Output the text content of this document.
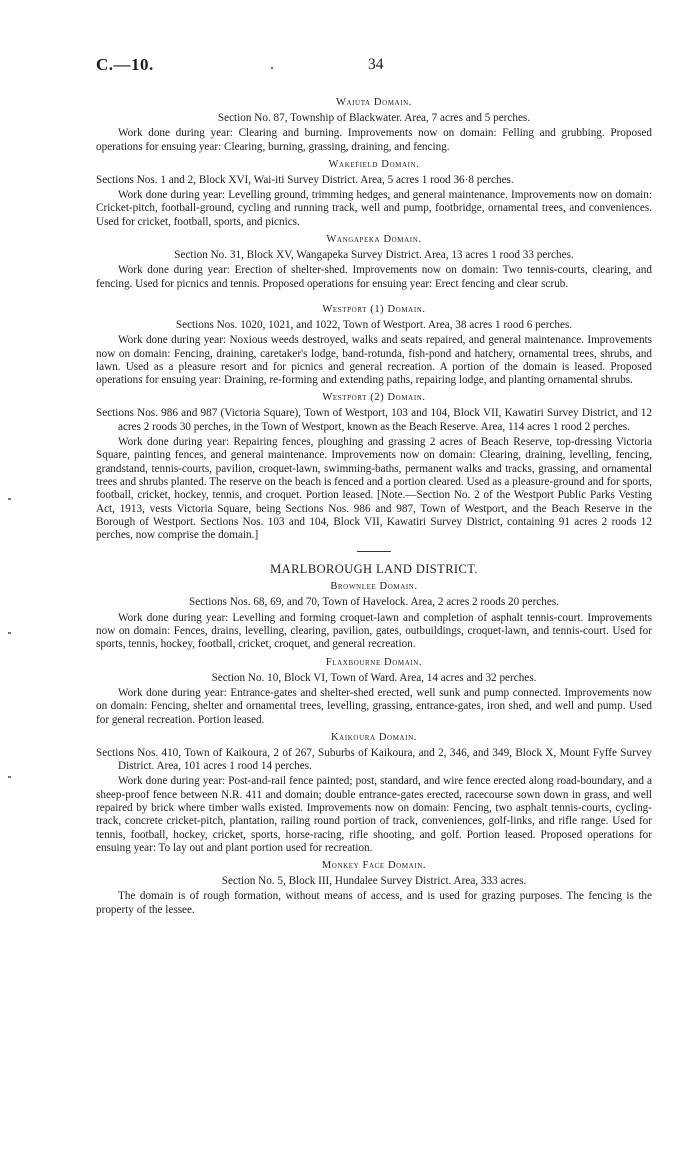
C.—10.	34
Waiuta Domain.

Section No. 87, Township of Blackwater. Area, 7 acres and 5 perches.

Work done during year: Clearing and burning. Improvements now on domain: Felling and grubbing. Proposed operations for ensuing year: Clearing, burning, grassing, draining, and fencing.

Wakefield Domain.

Sections Nos. 1 and 2, Block XVI, Wai-iti Survey District. Area, 5 acres 1 rood 36·8 perches.

Work done during year: Levelling ground, trimming hedges, and general maintenance. Improvements now on domain: Cricket-pitch, football-ground, cycling and running track, well and pump, footbridge, ornamental trees, and conveniences. Used for cricket, football, sports, and picnics.

Wangapeka Domain.

Section No. 31, Block XV, Wangapeka Survey District. Area, 13 acres 1 rood 33 perches.

Work done during year: Erection of shelter-shed. Improvements now on domain: Two tennis-courts, clearing, and fencing. Used for picnics and tennis. Proposed operations for ensuing year: Erect fencing and clear scrub.

Westport (1) Domain.

Sections Nos. 1020, 1021, and 1022, Town of Westport. Area, 38 acres 1 rood 6 perches.

Work done during year: Noxious weeds destroyed, walks and seats repaired, and general maintenance. Improvements now on domain: Fencing, draining, caretaker's lodge, band-rotunda, fish-pond and hatchery, ornamental trees, shrubs, and lawn. Used as a pleasure resort and for picnics and general recreation. A portion of the domain is leased. Proposed operations for ensuing year: Draining, re-forming and extending paths, repairing lodge, and planting ornamental shrubs.

Westport (2) Domain.

Sections Nos. 986 and 987 (Victoria Square), Town of Westport, 103 and 104, Block VII, Kawatiri Survey District, and 12 acres 2 roods 30 perches, in the Town of Westport, known as the Beach Reserve. Area, 114 acres 1 rood 2 perches.

Work done during year: Repairing fences, ploughing and grassing 2 acres of Beach Reserve, top-dressing Victoria Square, painting fences, and general maintenance. Improvements now on domain: Clearing, draining, levelling, fencing, grandstand, tennis-courts, pavilion, croquet-lawn, swimming-baths, permanent walks and tracks, grassing, and ornamental trees and shrubs planted. The reserve on the beach is fenced and a portion cleared. Used as a pleasure-ground and for sports, football, cricket, hockey, tennis, and croquet. Portion leased. [Note.—Section No. 2 of the Westport Public Parks Vesting Act, 1913, vests Victoria Square, being Sections Nos. 986 and 987, Town of Westport, and the Beach Reserve in the Borough of Westport. Sections Nos. 103 and 104, Block VII, Kawatiri Survey District, containing 91 acres 2 roods 12 perches, now comprise the domain.]

MARLBOROUGH LAND DISTRICT.
Brownlee Domain.

Sections Nos. 68, 69, and 70, Town of Havelock. Area, 2 acres 2 roods 20 perches.

Work done during year: Levelling and forming croquet-lawn and completion of asphalt tennis-court. Improvements now on domain: Fences, drains, levelling, clearing, pavilion, gates, outbuildings, croquet-lawn, and tennis-court. Used for sports, tennis, hockey, football, cricket, croquet, and general recreation.

Flaxbourne Domain.

Section No. 10, Block VI, Town of Ward. Area, 14 acres and 32 perches.

Work done during year: Entrance-gates and shelter-shed erected, well sunk and pump connected. Improvements now on domain: Fencing, shelter and ornamental trees, levelling, grassing, entrance-gates, iron shed, and well and pump. Used for general recreation. Portion leased.

Kaikoura Domain.

Sections Nos. 410, Town of Kaikoura, 2 of 267, Suburbs of Kaikoura, and 2, 346, and 349, Block X, Mount Fyffe Survey District. Area, 101 acres 1 rood 14 perches.

Work done during year: Post-and-rail fence painted; post, standard, and wire fence erected along road-boundary, and a sheep-proof fence between N.R. 411 and domain; double entrance-gates erected, racecourse sown down in grass, and well repaired by brick where timber walls existed. Improvements now on domain: Fencing, two asphalt tennis-courts, cycling-track, concrete cricket-pitch, plantation, railing round portion of track, conveniences, golf-links, and rifle range. Used for tennis, football, hockey, cricket, sports, horse-racing, rifle shooting, and golf. Portion leased. Proposed operations for ensuing year: To lay out and plant portion used for recreation.

Monkey Face Domain.

Section No. 5, Block III, Hundalee Survey District. Area, 333 acres.

The domain is of rough formation, without means of access, and is used for grazing purposes. The fencing is the property of the lessee.
